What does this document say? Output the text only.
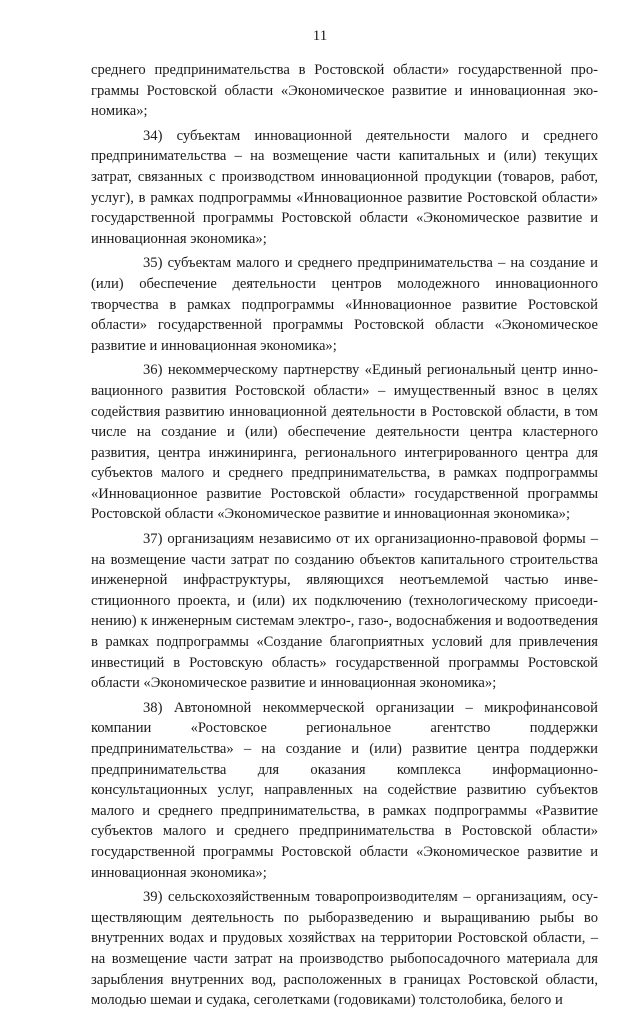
11

среднего предпринимательства в Ростовской области» государственной программы Ростовской области «Экономическое развитие и инновационная экономика»;

34) субъектам инновационной деятельности малого и среднего предпринимательства – на возмещение части капитальных и (или) текущих затрат, связанных с производством инновационной продукции (товаров, работ, услуг), в рамках подпрограммы «Инновационное развитие Ростовской области» государственной программы Ростовской области «Экономическое развитие и инновационная экономика»;

35) субъектам малого и среднего предпринимательства – на создание и (или) обеспечение деятельности центров молодежного инновационного творчества в рамках подпрограммы «Инновационное развитие Ростовской области» государственной программы Ростовской области «Экономическое развитие и инновационная экономика»;

36) некоммерческому партнерству «Единый региональный центр инновационного развития Ростовской области» – имущественный взнос в целях содействия развитию инновационной деятельности в Ростовской области, в том числе на создание и (или) обеспечение деятельности центра кластерного развития, центра инжиниринга, регионального интегрированного центра для субъектов малого и среднего предпринимательства, в рамках подпрограммы «Инновационное развитие Ростовской области» государственной программы Ростовской области «Экономическое развитие и инновационная экономика»;

37) организациям независимо от их организационно-правовой формы – на возмещение части затрат по созданию объектов капитального строительства инженерной инфраструктуры, являющихся неотъемлемой частью инвестиционного проекта, и (или) их подключению (технологическому присоединению) к инженерным системам электро-, газо-, водоснабжения и водоотведения в рамках подпрограммы «Создание благоприятных условий для привлечения инвестиций в Ростовскую область» государственной программы Ростовской области «Экономическое развитие и инновационная экономика»;

38) Автономной некоммерческой организации – микрофинансовой компании «Ростовское региональное агентство поддержки предпринимательства» – на создание и (или) развитие центра поддержки предпринимательства для оказания комплекса информационно-консультационных услуг, направленных на содействие развитию субъектов малого и среднего предпринимательства, в рамках подпрограммы «Развитие субъектов малого и среднего предпринимательства в Ростовской области» государственной программы Ростовской области «Экономическое развитие и инновационная экономика»;

39) сельскохозяйственным товаропроизводителям – организациям, осуществляющим деятельность по рыборазведению и выращиванию рыбы во внутренних водах и прудовых хозяйствах на территории Ростовской области, – на возмещение части затрат на производство рыбопосадочного материала для зарыбления внутренних вод, расположенных в границах Ростовской области, молодью шемаи и судака, сеголетками (годовиками) толстолобика, белого и
